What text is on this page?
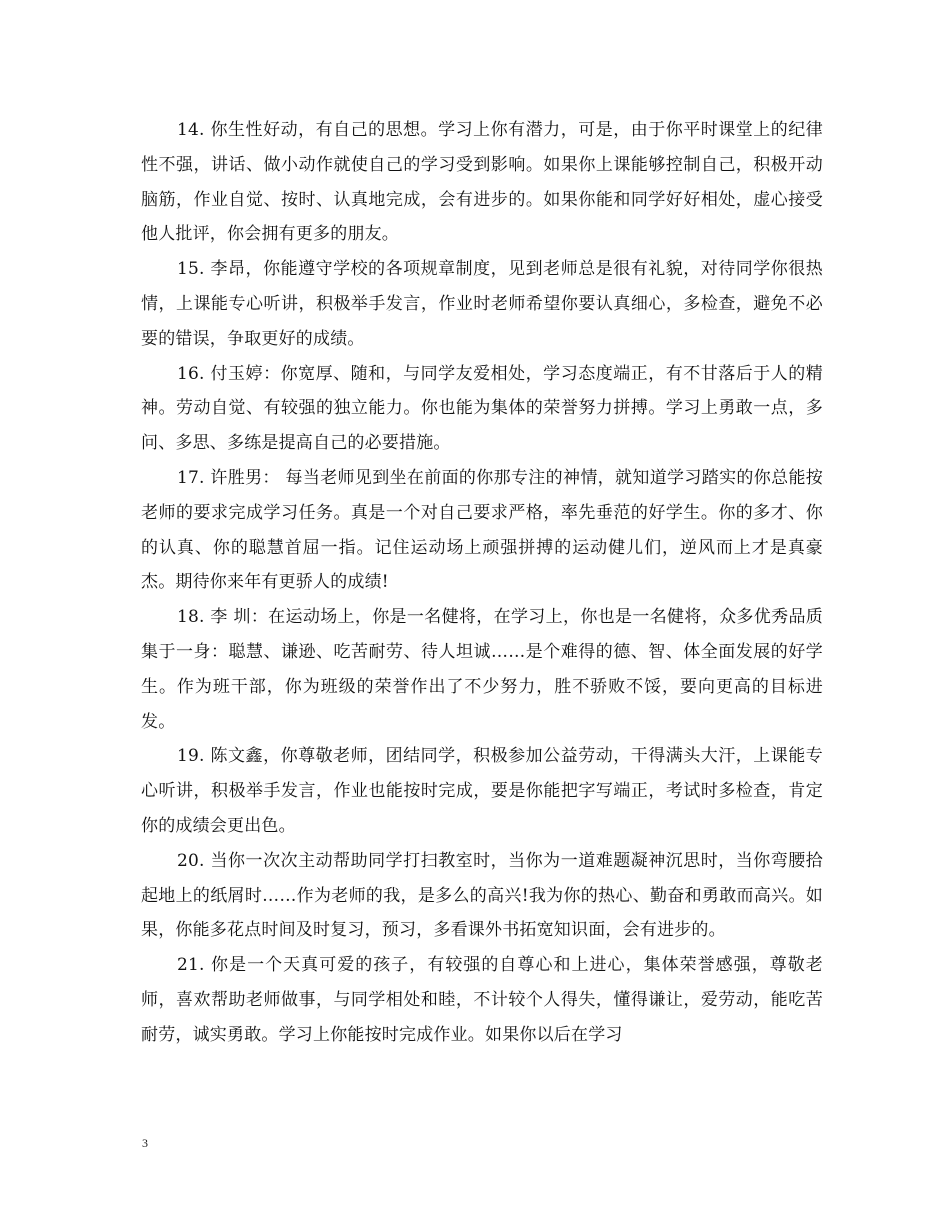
14. 你生性好动，有自己的思想。学习上你有潜力，可是，由于你平时课堂上的纪律性不强，讲话、做小动作就使自己的学习受到影响。如果你上课能够控制自己，积极开动脑筋，作业自觉、按时、认真地完成，会有进步的。如果你能和同学好好相处，虚心接受他人批评，你会拥有更多的朋友。

15. 李昂，你能遵守学校的各项规章制度，见到老师总是很有礼貌，对待同学你很热情，上课能专心听讲，积极举手发言，作业时老师希望你要认真细心，多检查，避免不必要的错误，争取更好的成绩。

16. 付玉婷：你宽厚、随和，与同学友爱相处，学习态度端正，有不甘落后于人的精神。劳动自觉、有较强的独立能力。你也能为集体的荣誉努力拼搏。学习上勇敢一点，多问、多思、多练是提高自己的必要措施。

17. 许胜男： 每当老师见到坐在前面的你那专注的神情，就知道学习踏实的你总能按老师的要求完成学习任务。真是一个对自己要求严格，率先垂范的好学生。你的多才、你的认真、你的聪慧首屈一指。记住运动场上顽强拼搏的运动健儿们，逆风而上才是真豪杰。期待你来年有更骄人的成绩!

18. 李 圳：在运动场上，你是一名健将，在学习上，你也是一名健将，众多优秀品质集于一身：聪慧、谦逊、吃苦耐劳、待人坦诚……是个难得的德、智、体全面发展的好学生。作为班干部，你为班级的荣誉作出了不少努力，胜不骄败不馁，要向更高的目标进发。

19. 陈文鑫，你尊敬老师，团结同学，积极参加公益劳动，干得满头大汗，上课能专心听讲，积极举手发言，作业也能按时完成，要是你能把字写端正，考试时多检查，肯定你的成绩会更出色。

20. 当你一次次主动帮助同学打扫教室时，当你为一道难题凝神沉思时，当你弯腰拾起地上的纸屑时……作为老师的我，是多么的高兴!我为你的热心、勤奋和勇敢而高兴。如果，你能多花点时间及时复习，预习，多看课外书拓宽知识面，会有进步的。

21. 你是一个天真可爱的孩子，有较强的自尊心和上进心，集体荣誉感强，尊敬老师，喜欢帮助老师做事，与同学相处和睦，不计较个人得失，懂得谦让，爱劳动，能吃苦耐劳，诚实勇敢。学习上你能按时完成作业。如果你以后在学习

3
